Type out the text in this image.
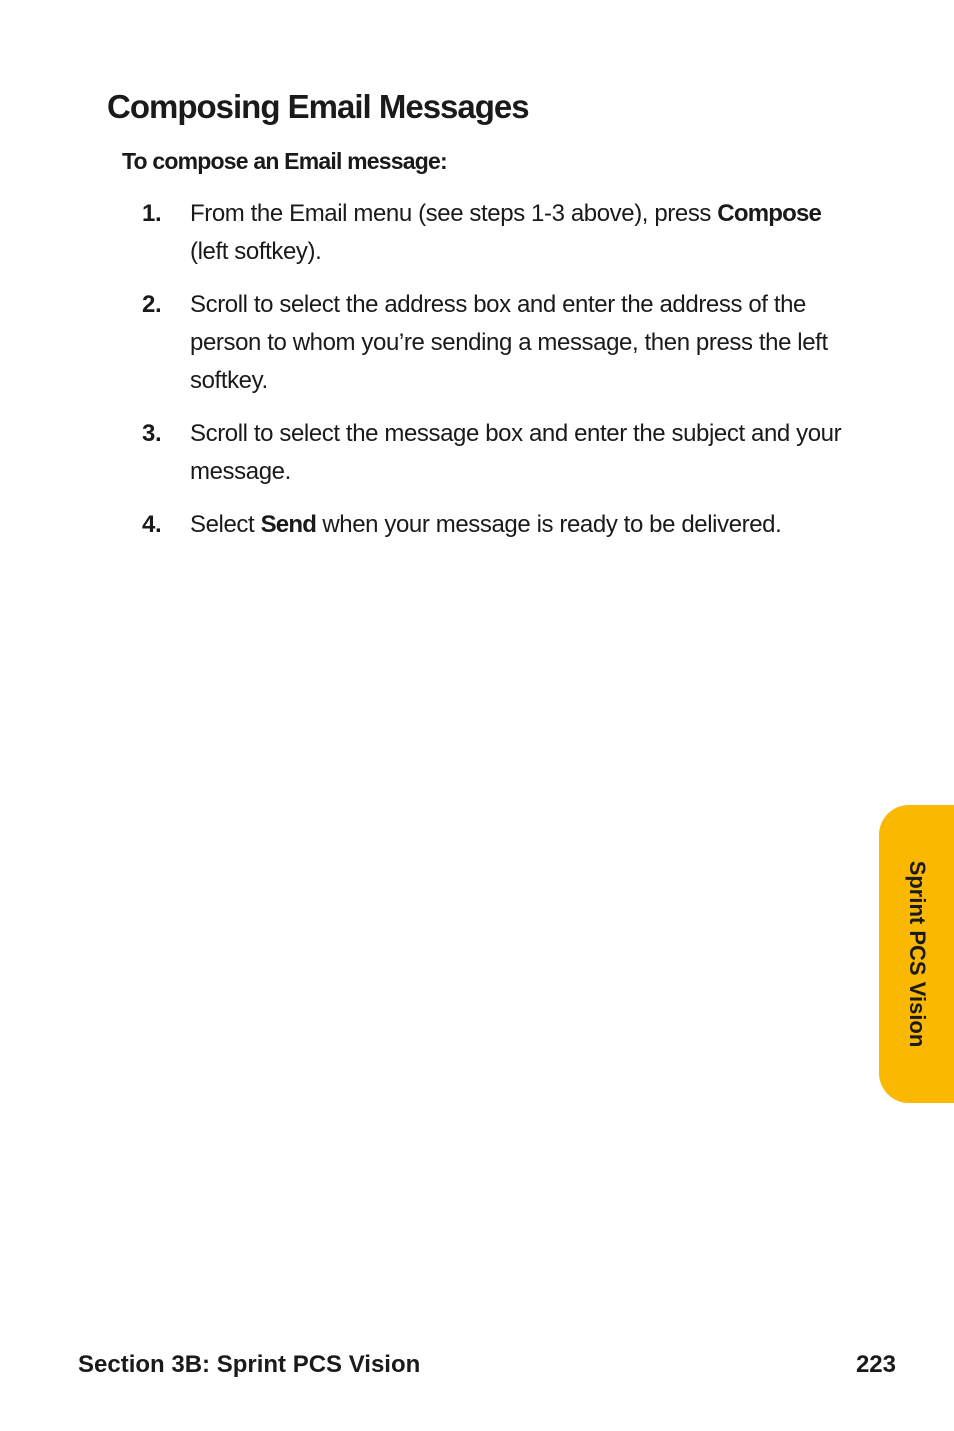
Composing Email Messages

To compose an Email message:

1. From the Email menu (see steps 1-3 above), press Compose (left softkey).
2. Scroll to select the address box and enter the address of the person to whom you’re sending a message, then press the left softkey.
3. Scroll to select the message box and enter the subject and your message.
4. Select Send when your message is ready to be delivered.
Sprint PCS Vision
Section 3B: Sprint PCS Vision	223
